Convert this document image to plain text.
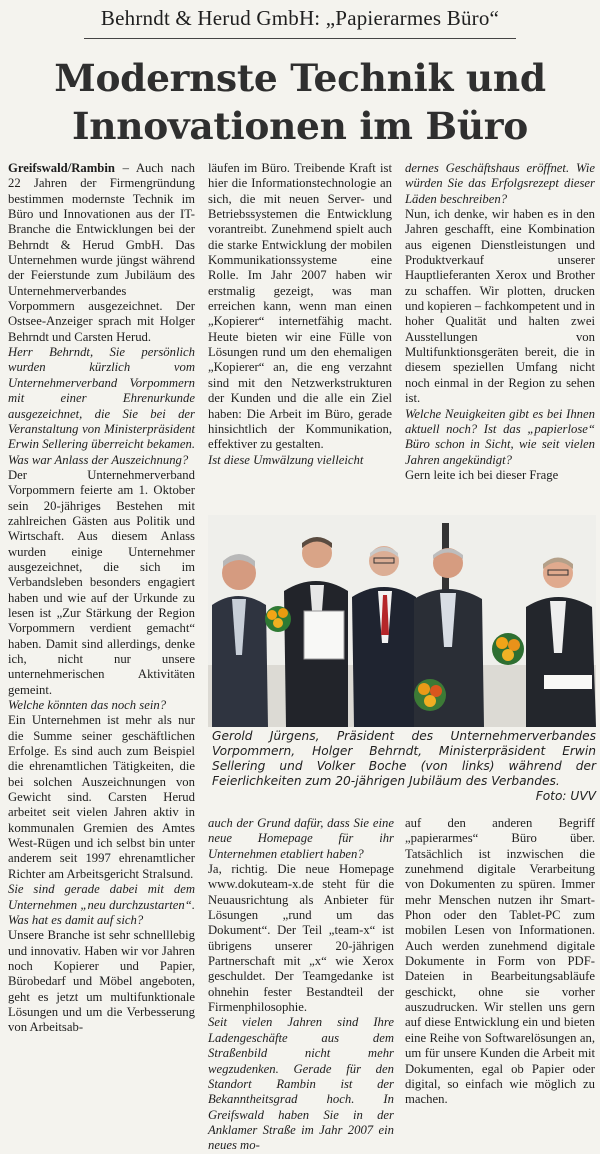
Behrndt & Herud GmbH: „Papierarmes Büro“
Modernste Technik und
Innovationen im Büro

Greifswald/Rambin – Auch nach 22 Jahren der Firmengründung bestimmen modernste Technik im Büro und Innovationen aus der IT-Branche die Entwicklungen bei der Behrndt & Herud GmbH. Das Unternehmen wurde jüngst während der Feierstunde zum Jubiläum des Unternehmerverbandes Vorpommern ausgezeichnet. Der Ostsee-Anzeiger sprach mit Holger Behrndt und Carsten Herud.

Herr Behrndt, Sie persönlich wurden kürzlich vom Unternehmerverband Vorpommern mit einer Ehrenurkunde ausgezeichnet, die Sie bei der Veranstaltung von Ministerpräsident Erwin Sellering überreicht bekamen. Was war Anlass der Auszeichnung?

Der Unternehmerverband Vorpommern feierte am 1. Oktober sein 20-jähriges Bestehen mit zahlreichen Gästen aus Politik und Wirtschaft. Aus diesem Anlass wurden einige Unternehmer ausgezeichnet, die sich im Verbandsleben besonders engagiert haben und wie auf der Urkunde zu lesen ist „Zur Stärkung der Region Vorpommern verdient gemacht“ haben. Damit sind allerdings, denke ich, nicht nur unsere unternehmerischen Aktivitäten gemeint.

Welche könnten das noch sein?

Ein Unternehmen ist mehr als nur die Summe seiner geschäftlichen Erfolge. Es sind auch zum Beispiel die ehrenamtlichen Tätigkeiten, die bei solchen Auszeichnungen von Gewicht sind. Carsten Herud arbeitet seit vielen Jahren aktiv in kommunalen Gremien des Amtes West-Rügen und ich selbst bin unter anderem seit 1997 ehrenamtlicher Richter am Arbeitsgericht Stralsund.

Sie sind gerade dabei mit dem Unternehmen „neu durchzustarten“. Was hat es damit auf sich?

Unsere Branche ist sehr schnelllebig und innovativ. Haben wir vor Jahren noch Kopierer und Papier, Bürobedarf und Möbel angeboten, geht es jetzt um multifunktionale Lösungen und um die Verbesserung von Arbeitsab-

läufen im Büro. Treibende Kraft ist hier die Informationstechnologie an sich, die mit neuen Server- und Betriebssystemen die Entwicklung vorantreibt. Zunehmend spielt auch die starke Entwicklung der mobilen Kommunikationssysteme eine Rolle. Im Jahr 2007 haben wir erstmalig gezeigt, was man erreichen kann, wenn man einen „Kopierer“ internetfähig macht. Heute bieten wir eine Fülle von Lösungen rund um den ehemaligen „Kopierer“ an, die eng verzahnt sind mit den Netzwerkstrukturen der Kunden und die alle ein Ziel haben: Die Arbeit im Büro, gerade hinsichtlich der Kommunikation, effektiver zu gestalten.

Ist diese Umwälzung vielleicht

dernes Geschäftshaus eröffnet. Wie würden Sie das Erfolgsrezept dieser Läden beschreiben?

Nun, ich denke, wir haben es in den Jahren geschafft, eine Kombination aus eigenen Dienstleistungen und Produktverkauf unserer Hauptlieferanten Xerox und Brother zu schaffen. Wir plotten, drucken und kopieren – fachkompetent und in hoher Qualität und halten zwei Ausstellungen von Multifunktionsgeräten bereit, die in diesem speziellen Umfang nicht noch einmal in der Region zu sehen ist.

Welche Neuigkeiten gibt es bei Ihnen aktuell noch? Ist das „papierlose“ Büro schon in Sicht, wie seit vielen Jahren angekündigt?

Gern leite ich bei dieser Frage

Gerold Jürgens, Präsident des Unternehmerverbandes Vorpommern, Holger Behrndt, Ministerpräsident Erwin Sellering und Volker Boche (von links) während der Feierlichkeiten zum 20-jährigen Jubiläum des Verbandes.
Foto: UVV

auch der Grund dafür, dass Sie eine neue Homepage für ihr Unternehmen etabliert haben?

Ja, richtig. Die neue Homepage www.dokuteam-x.de steht für die Neuausrichtung als Anbieter für Lösungen „rund um das Dokument“. Der Teil „team-x“ ist übrigens unserer 20-jährigen Partnerschaft mit „x“ wie Xerox geschuldet. Der Teamgedanke ist ohnehin fester Bestandteil der Firmenphilosophie.

Seit vielen Jahren sind Ihre Ladengeschäfte aus dem Straßenbild nicht mehr wegzudenken. Gerade für den Standort Rambin ist der Bekanntheitsgrad hoch. In Greifswald haben Sie in der Anklamer Straße im Jahr 2007 ein neues mo-

auf den anderen Begriff „papierarmes“ Büro über. Tatsächlich ist inzwischen die zunehmend digitale Verarbeitung von Dokumenten zu spüren. Immer mehr Menschen nutzen ihr Smart-Phon oder den Tablet-PC zum mobilen Lesen von Informationen. Auch werden zunehmend digitale Dokumente in Form von PDF-Dateien in Bearbeitungsabläufe geschickt, ohne sie vorher auszudrucken. Wir stellen uns gern auf diese Entwicklung ein und bieten eine Reihe von Softwarelösungen an, um für unsere Kunden die Arbeit mit Dokumenten, egal ob Papier oder digital, so einfach wie möglich zu machen.
